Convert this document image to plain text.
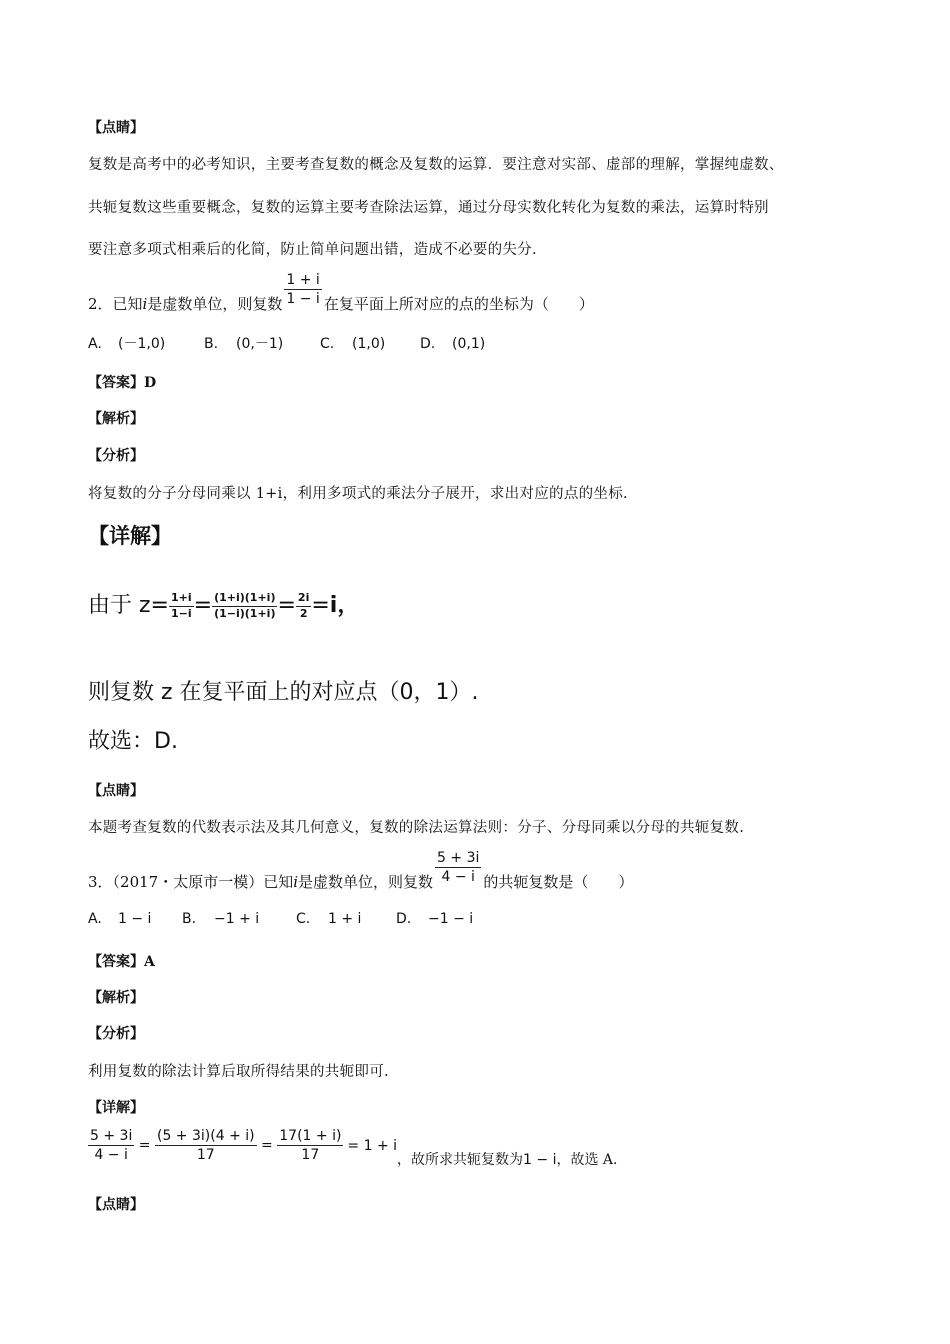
【点睛】
复数是高考中的必考知识，主要考查复数的概念及复数的运算．要注意对实部、虚部的理解，掌握纯虚数、
共轭复数这些重要概念，复数的运算主要考查除法运算，通过分母实数化转化为复数的乘法，运算时特别
要注意多项式相乘后的化简，防止简单问题出错，造成不必要的失分.
2．已知i是虚数单位，则复数 $\frac{1 + i}{1 - i}$ 在复平面上所对应的点的坐标为（　　）
A. (－1,0)	B. (0,－1)	C. (1,0) D. (0,1)
【答案】D
【解析】
【分析】
将复数的分子分母同乘以 1+i，利用多项式的乘法分子展开，求出对应的点的坐标.
【详解】
由于 $z= \frac{1+i}{1-i} = \frac{(1+i)(1+i)}{(1-i)(1+i)} = \frac{2i}{2} =i$，
则复数 z 在复平面上的对应点（0，1）.
故选：D.
【点睛】
本题考查复数的代数表示法及其几何意义，复数的除法运算法则：分子、分母同乘以分母的共轭复数.
3．（2017・太原市一模）已知i是虚数单位，则复数 $\frac{5 + 3i}{4 - i}$ 的共轭复数是（　　）
A. 1 − i B. −1 + i	C. 1 + i D. −1 − i
【答案】A
【解析】
【分析】
利用复数的除法计算后取所得结果的共轭即可.
【详解】
$\frac{5 + 3i}{4 - i} = \frac{(5 + 3i)(4 + i)}{17} = \frac{17(1 + i)}{17} = 1 + i$，故所求共轭复数为1 − i，故选 A.
【点睛】
